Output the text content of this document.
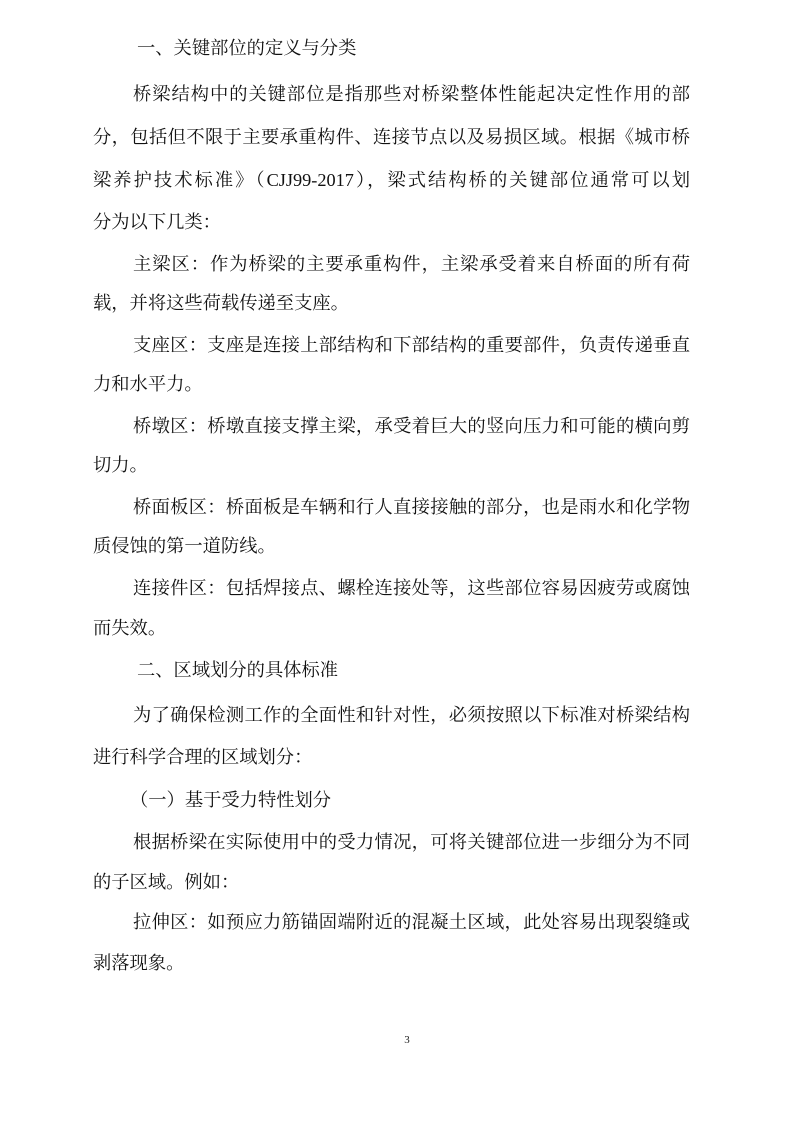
一、关键部位的定义与分类
桥梁结构中的关键部位是指那些对桥梁整体性能起决定性作用的部
分，包括但不限于主要承重构件、连接节点以及易损区域。根据《城市桥
梁养护技术标准》（CJJ99-2017），梁式结构桥的关键部位通常可以划
分为以下几类：
主梁区：作为桥梁的主要承重构件，主梁承受着来自桥面的所有荷
载，并将这些荷载传递至支座。
支座区：支座是连接上部结构和下部结构的重要部件，负责传递垂直
力和水平力。
桥墩区：桥墩直接支撑主梁，承受着巨大的竖向压力和可能的横向剪
切力。
桥面板区：桥面板是车辆和行人直接接触的部分，也是雨水和化学物
质侵蚀的第一道防线。
连接件区：包括焊接点、螺栓连接处等，这些部位容易因疲劳或腐蚀
而失效。
二、区域划分的具体标准
为了确保检测工作的全面性和针对性，必须按照以下标准对桥梁结构
进行科学合理的区域划分：
（一）基于受力特性划分
根据桥梁在实际使用中的受力情况，可将关键部位进一步细分为不同
的子区域。例如：
拉伸区：如预应力筋锚固端附近的混凝土区域，此处容易出现裂缝或
剥落现象。
3
